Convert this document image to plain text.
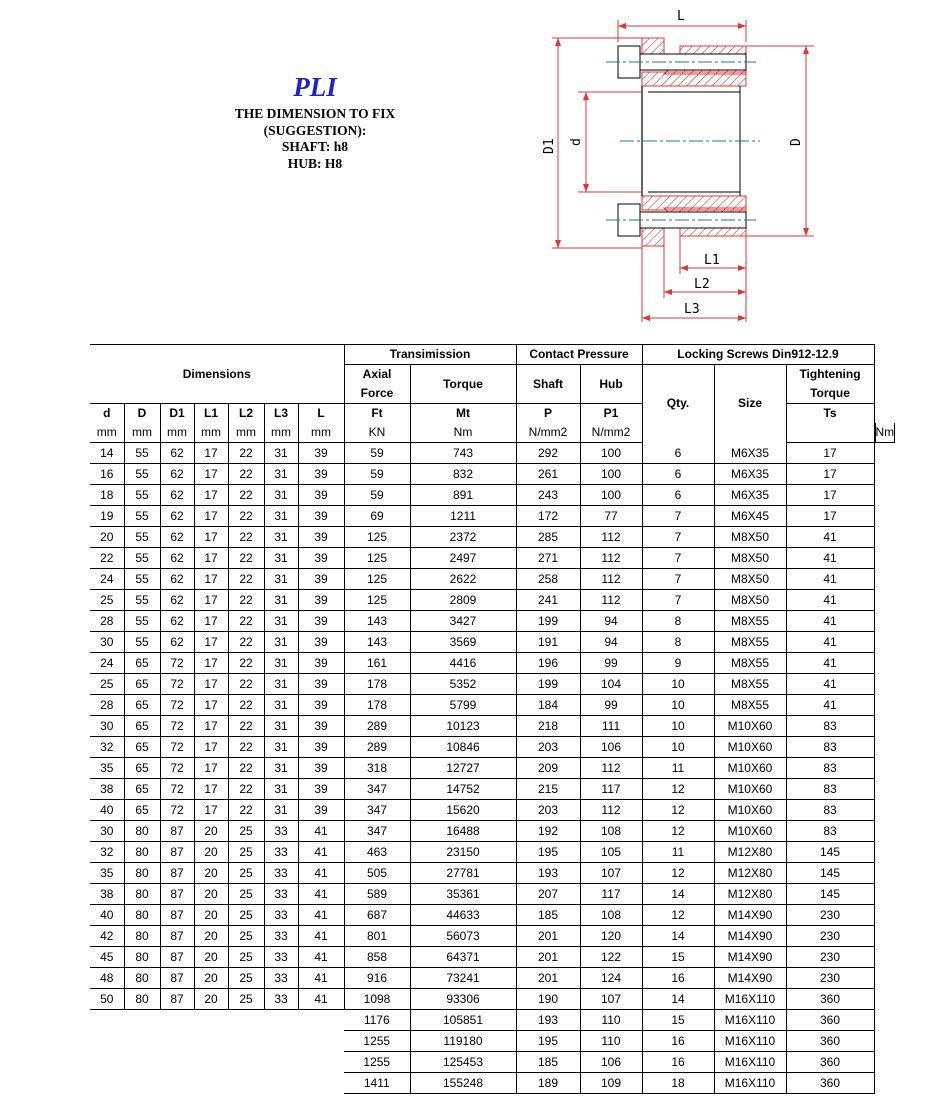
PLI
THE DIMENSION TO FIX
(SUGGESTION):
SHAFT: h8
HUB: H8
L
D1 d	D
L1
L2
L3
Dimensions							Transimission		Contact Pressure		Locking Screws Din912-12.9			
							Axial	Torque	Shaft	Hub	Qty.	Size	Tightening	
							Force						Torque	
d	D	D1	L1	L2	L3	L	Ft	Mt	P	P1			Ts	
mm	mm	mm	mm	mm	mm	mm	KN	Nm	N/mm2	N/mm2				Nm
14	55	62	17	22	31	39	59	743	292	100	6	M6X35	17	
16	55	62	17	22	31	39	59	832	261	100	6	M6X35	17	
18	55	62	17	22	31	39	59	891	243	100	6	M6X35	17	
19	55	62	17	22	31	39	69	1211	172	77	7	M6X45	17	
20	55	62	17	22	31	39	125	2372	285	112	7	M8X50	41	
22	55	62	17	22	31	39	125	2497	271	112	7	M8X50	41	
24	55	62	17	22	31	39	125	2622	258	112	7	M8X50	41	
25	55	62	17	22	31	39	125	2809	241	112	7	M8X50	41	
28	55	62	17	22	31	39	143	3427	199	94	8	M8X55	41	
30	55	62	17	22	31	39	143	3569	191	94	8	M8X55	41	
24	65	72	17	22	31	39	161	4416	196	99	9	M8X55	41	
25	65	72	17	22	31	39	178	5352	199	104	10	M8X55	41	
28	65	72	17	22	31	39	178	5799	184	99	10	M8X55	41	
30	65	72	17	22	31	39	289	10123	218	111	10	M10X60	83	
32	65	72	17	22	31	39	289	10846	203	106	10	M10X60	83	
35	65	72	17	22	31	39	318	12727	209	112	11	M10X60	83	
38	65	72	17	22	31	39	347	14752	215	117	12	M10X60	83	
40	65	72	17	22	31	39	347	15620	203	112	12	M10X60	83	
30	80	87	20	25	33	41	347	16488	192	108	12	M10X60	83	
32	80	87	20	25	33	41	463	23150	195	105	11	M12X80	145	
35	80	87	20	25	33	41	505	27781	193	107	12	M12X80	145	
38	80	87	20	25	33	41	589	35361	207	117	14	M12X80	145	
40	80	87	20	25	33	41	687	44633	185	108	12	M14X90	230	
42	80	87	20	25	33	41	801	56073	201	120	14	M14X90	230	
45	80	87	20	25	33	41	858	64371	201	122	15	M14X90	230	
48	80	87	20	25	33	41	916	73241	201	124	16	M14X90	230	
50	80	87	20	25	33	41	1098	93306	190	107	14	M16X110	360	
							1176	105851	193	110	15	M16X110	360	
							1255	119180	195	110	16	M16X110	360	
							1255	125453	185	106	16	M16X110	360	
							1411	155248	189	109	18	M16X110	360	
